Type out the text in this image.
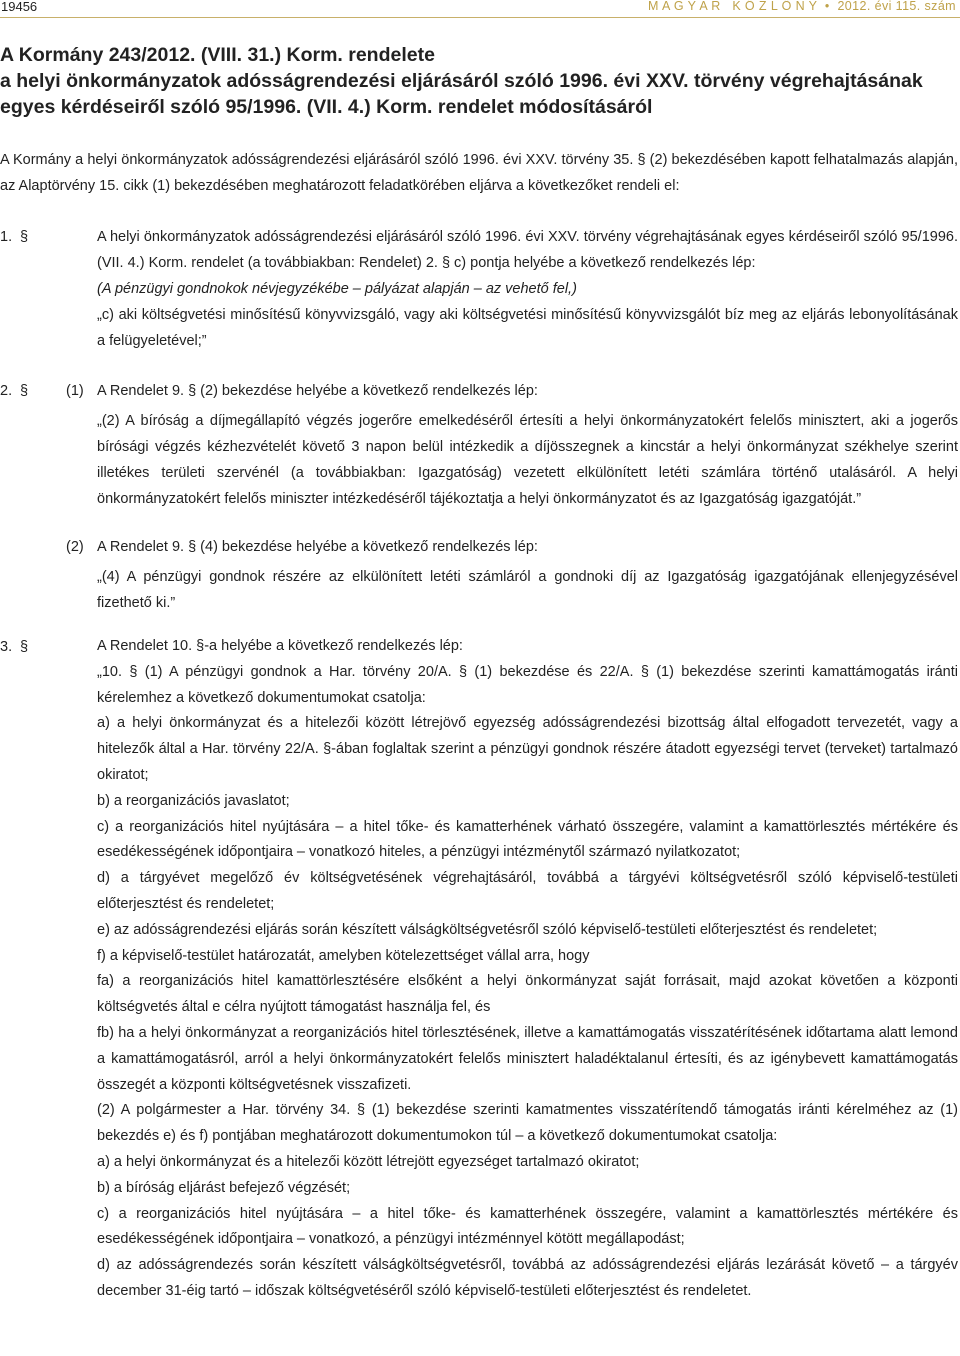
19456	M A G Y A R   K Ö Z L Ö N Y  •  2012. évi 115. szám
A Kormány 243/2012. (VIII. 31.) Korm. rendelete
a helyi önkormányzatok adósságrendezési eljárásáról szóló 1996. évi XXV. törvény végrehajtásának
egyes kérdéseiről szóló 95/1996. (VII. 4.) Korm. rendelet módosításáról
A Kormány a helyi önkormányzatok adósságrendezési eljárásáról szóló 1996. évi XXV. törvény 35. § (2) bekezdésében kapott felhatalmazás alapján, az Alaptörvény 15. cikk (1) bekezdésében meghatározott feladatkörében eljárva a következőket rendeli el:
1. §	A helyi önkormányzatok adósságrendezési eljárásáról szóló 1996. évi XXV. törvény végrehajtásának egyes kérdéseiről szóló 95/1996. (VII. 4.) Korm. rendelet (a továbbiakban: Rendelet) 2. § c) pontja helyébe a következő rendelkezés lép:

(A pénzügyi gondnokok névjegyzékébe – pályázat alapján – az vehető fel,)

„c) aki költségvetési minősítésű könyvvizsgáló, vagy aki költségvetési minősítésű könyvvizsgálót bíz meg az eljárás lebonyolításának a felügyeletével;”

2. §	(1) A Rendelet 9. § (2) bekezdése helyébe a következő rendelkezés lép:

„(2) A bíróság a díjmegállapító végzés jogerőre emelkedéséről értesíti a helyi önkormányzatokért felelős minisztert, aki a jogerős bírósági végzés kézhezvételét követő 3 napon belül intézkedik a díjösszegnek a kincstár a helyi önkormányzat székhelye szerint illetékes területi szervénél (a továbbiakban: Igazgatóság) vezetett elkülönített letéti számlára történő utalásáról. A helyi önkormányzatokért felelős miniszter intézkedéséről tájékoztatja a helyi önkormányzatot és az Igazgatóság igazgatóját.”

(2) A Rendelet 9. § (4) bekezdése helyébe a következő rendelkezés lép:

„(4) A pénzügyi gondnok részére az elkülönített letéti számláról a gondnoki díj az Igazgatóság igazgatójának ellenjegyzésével fizethető ki.”

3. §	A Rendelet 10. §-a helyébe a következő rendelkezés lép:

„10. § (1) A pénzügyi gondnok a Har. törvény 20/A. § (1) bekezdése és 22/A. § (1) bekezdése szerinti kamattámogatás iránti kérelemhez a következő dokumentumokat csatolja:

a) a helyi önkormányzat és a hitelezői között létrejövő egyezség adósságrendezési bizottság által elfogadott tervezetét, vagy a hitelezők által a Har. törvény 22/A. §-ában foglaltak szerint a pénzügyi gondnok részére átadott egyezségi tervet (terveket) tartalmazó okiratot;

b) a reorganizációs javaslatot;

c) a reorganizációs hitel nyújtására – a hitel tőke- és kamatterhének várható összegére, valamint a kamattörlesztés mértékére és esedékességének időpontjaira – vonatkozó hiteles, a pénzügyi intézménytől származó nyilatkozatot;

d) a tárgyévet megelőző év költségvetésének végrehajtásáról, továbbá a tárgyévi költségvetésről szóló képviselő-testületi előterjesztést és rendeletet;

e) az adósságrendezési eljárás során készített válságköltségvetésről szóló képviselő-testületi előterjesztést és rendeletet;

f) a képviselő-testület határozatát, amelyben kötelezettséget vállal arra, hogy

fa) a reorganizációs hitel kamattörlesztésére elsőként a helyi önkormányzat saját forrásait, majd azokat követően a központi költségvetés által e célra nyújtott támogatást használja fel, és

fb) ha a helyi önkormányzat a reorganizációs hitel törlesztésének, illetve a kamattámogatás visszatérítésének időtartama alatt lemond a kamattámogatásról, arról a helyi önkormányzatokért felelős minisztert haladéktalanul értesíti, és az igénybevett kamattámogatás összegét a központi költségvetésnek visszafizeti.

(2) A polgármester a Har. törvény 34. § (1) bekezdése szerinti kamatmentes visszatérítendő támogatás iránti kérelméhez az (1) bekezdés e) és f) pontjában meghatározott dokumentumokon túl – a következő dokumentumokat csatolja:

a) a helyi önkormányzat és a hitelezői között létrejött egyezséget tartalmazó okiratot;

b) a bíróság eljárást befejező végzését;

c) a reorganizációs hitel nyújtására – a hitel tőke- és kamatterhének összegére, valamint a kamattörlesztés mértékére és esedékességének időpontjaira – vonatkozó, a pénzügyi intézménnyel kötött megállapodást;

d) az adósságrendezés során készített válságköltségvetésről, továbbá az adósságrendezési eljárás lezárását követő – a tárgyév december 31-éig tartó – időszak költségvetéséről szóló képviselő-testületi előterjesztést és rendeletet.
